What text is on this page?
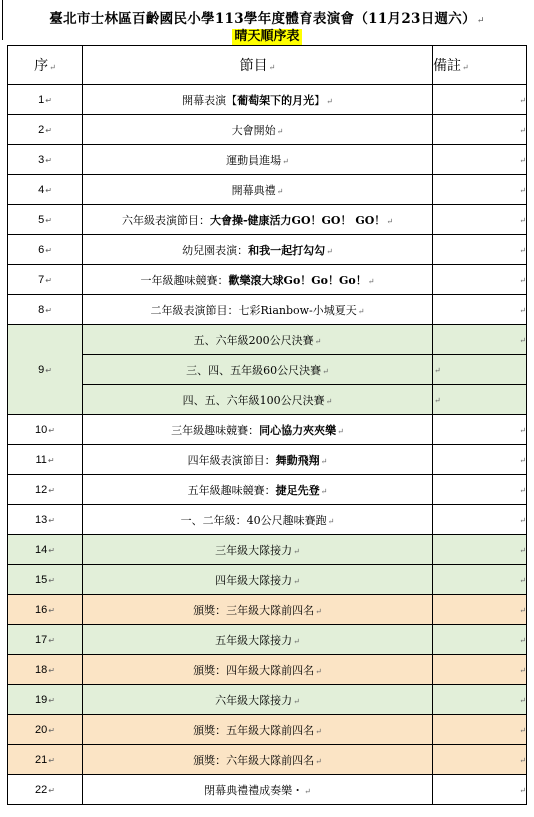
臺北市士林區百齡國民小學113學年度體育表演會（11月23日週六）↵
晴天順序表
序↵	節目↵	備註↵
1↵	開幕表演【葡萄架下的月光】↵	↵
2↵	大會開始↵	↵
3↵	運動員進場↵	↵
4↵	開幕典禮↵	↵
5↵	六年級表演節目：大會操-健康活力GO！GO！ GO！↵	↵
6↵	幼兒園表演：和我一起打勾勾↵	↵
7↵	一年級趣味競賽：歡樂滾大球Go！Go！Go！↵	↵
8↵	二年級表演節目：七彩Rianbow-小城夏天↵	↵
9↵	五、六年級200公尺決賽↵	↵
	三、四、五年級60公尺決賽↵	↵
	四、五、六年級100公尺決賽↵	↵
10↵	三年級趣味競賽：同心協力夾夾樂↵	↵
11↵	四年級表演節目：舞動飛翔↵	↵
12↵	五年級趣味競賽：捷足先登↵	↵
13↵	一、二年級：40公尺趣味賽跑↵	↵
14↵	三年級大隊接力↵	↵
15↵	四年級大隊接力↵	↵
16↵	頒獎：三年級大隊前四名↵	↵
17↵	五年級大隊接力↵	↵
18↵	頒獎：四年級大隊前四名↵	↵
19↵	六年級大隊接力↵	↵
20↵	頒獎：五年級大隊前四名↵	↵
21↵	頒獎：六年級大隊前四名↵	↵
22↵	閉幕典禮禮成奏樂・↵	↵
